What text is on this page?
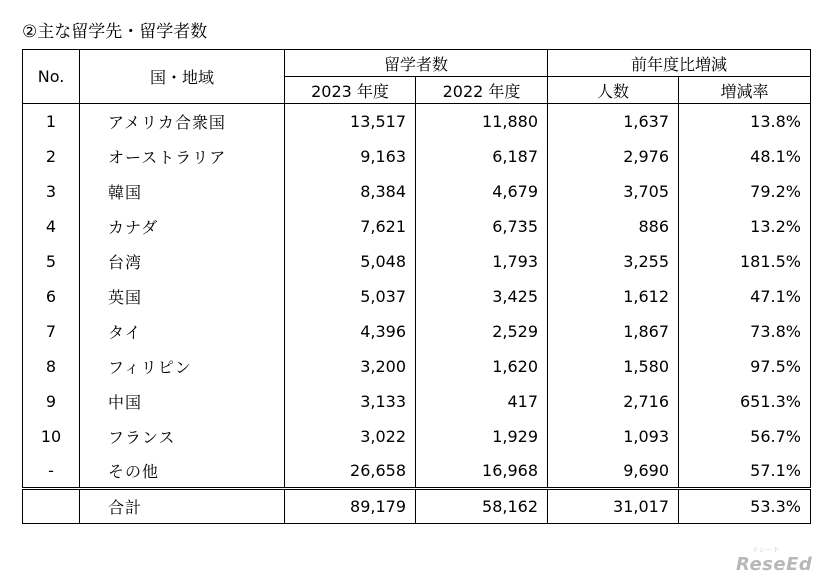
②主な留学先・留学者数
No.	国・地域	留学者数		前年度比増減	
		2023 年度	2022 年度	人数	増減率
1	アメリカ合衆国	13,517	11,880	1,637	13.8%
2	オーストラリア	9,163	6,187	2,976	48.1%
3	韓国	8,384	4,679	3,705	79.2%
4	カナダ	7,621	6,735	886	13.2%
5	台湾	5,048	1,793	3,255	181.5%
6	英国	5,037	3,425	1,612	47.1%
7	タイ	4,396	2,529	1,867	73.8%
8	フィリピン	3,200	1,620	1,580	97.5%
9	中国	3,133	417	2,716	651.3%
10	フランス	3,022	1,929	1,093	56.7%
-	その他	26,658	16,968	9,690	57.1%
	合計	89,179	58,162	31,017	53.3%
リシード
ReseEd
